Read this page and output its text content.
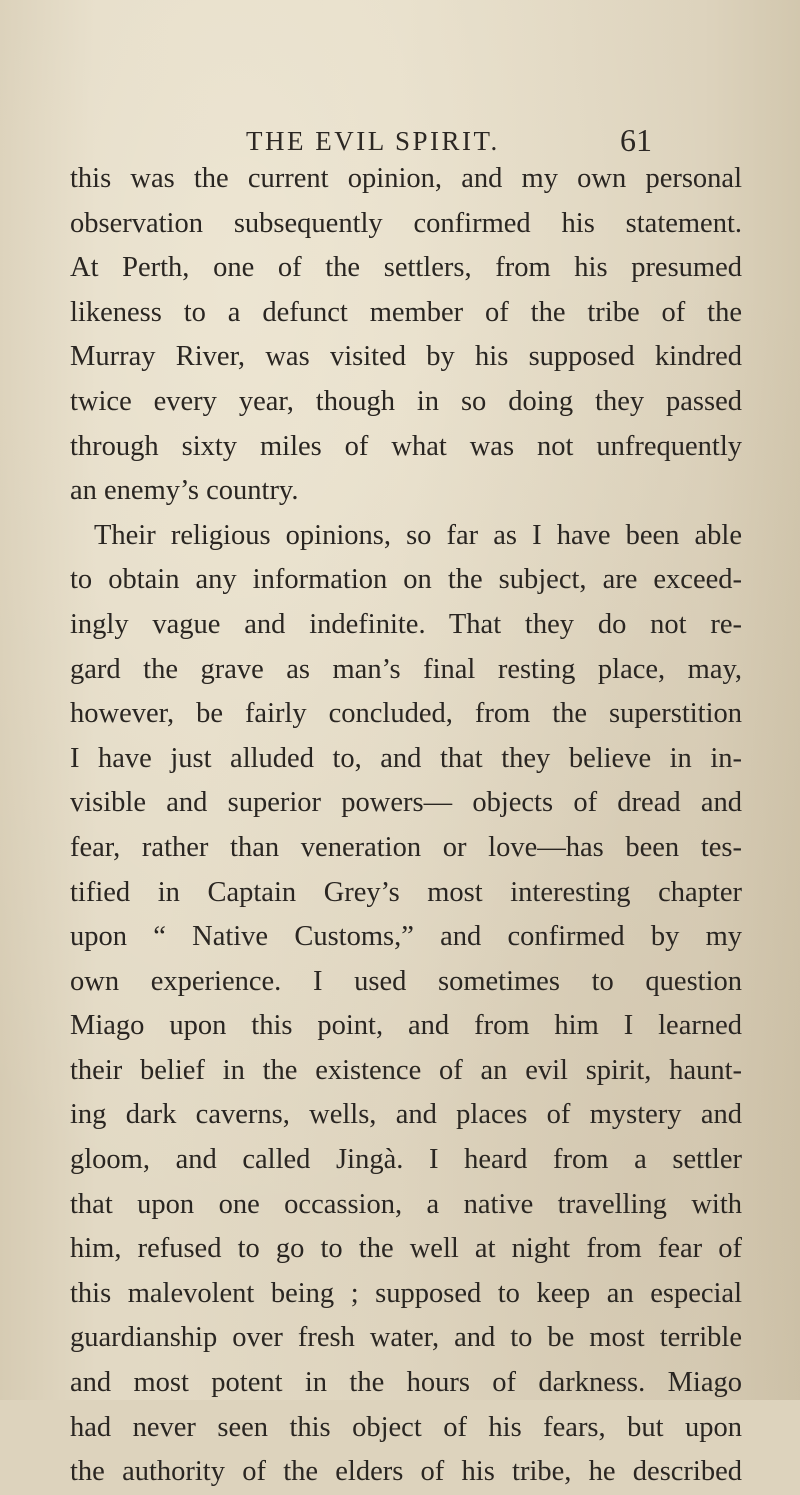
THE EVIL SPIRIT.	61
this was the current opinion, and my own personal
observation subsequently confirmed his statement.
At Perth, one of the settlers, from his presumed
likeness to a defunct member of the tribe of the
Murray River, was visited by his supposed kindred
twice every year, though in so doing they passed
through sixty miles of what was not unfrequently
an enemy’s country.
Their religious opinions, so far as I have been able
to obtain any information on the subject, are exceed-
ingly vague and indefinite. That they do not re-
gard the grave as man’s final resting place, may,
however, be fairly concluded, from the superstition
I have just alluded to, and that they believe in in-
visible and superior powers— objects of dread and
fear, rather than veneration or love—has been tes-
tified in Captain Grey’s most interesting chapter
upon “ Native Customs,” and confirmed by my
own experience. I used sometimes to question
Miago upon this point, and from him I learned
their belief in the existence of an evil spirit, haunt-
ing dark caverns, wells, and places of mystery and
gloom, and called Jingà. I heard from a settler
that upon one occassion, a native travelling with
him, refused to go to the well at night from fear of
this malevolent being ; supposed to keep an especial
guardianship over fresh water, and to be most terrible
and most potent in the hours of darkness. Miago
had never seen this object of his fears, but upon
the authority of the elders of his tribe, he described
